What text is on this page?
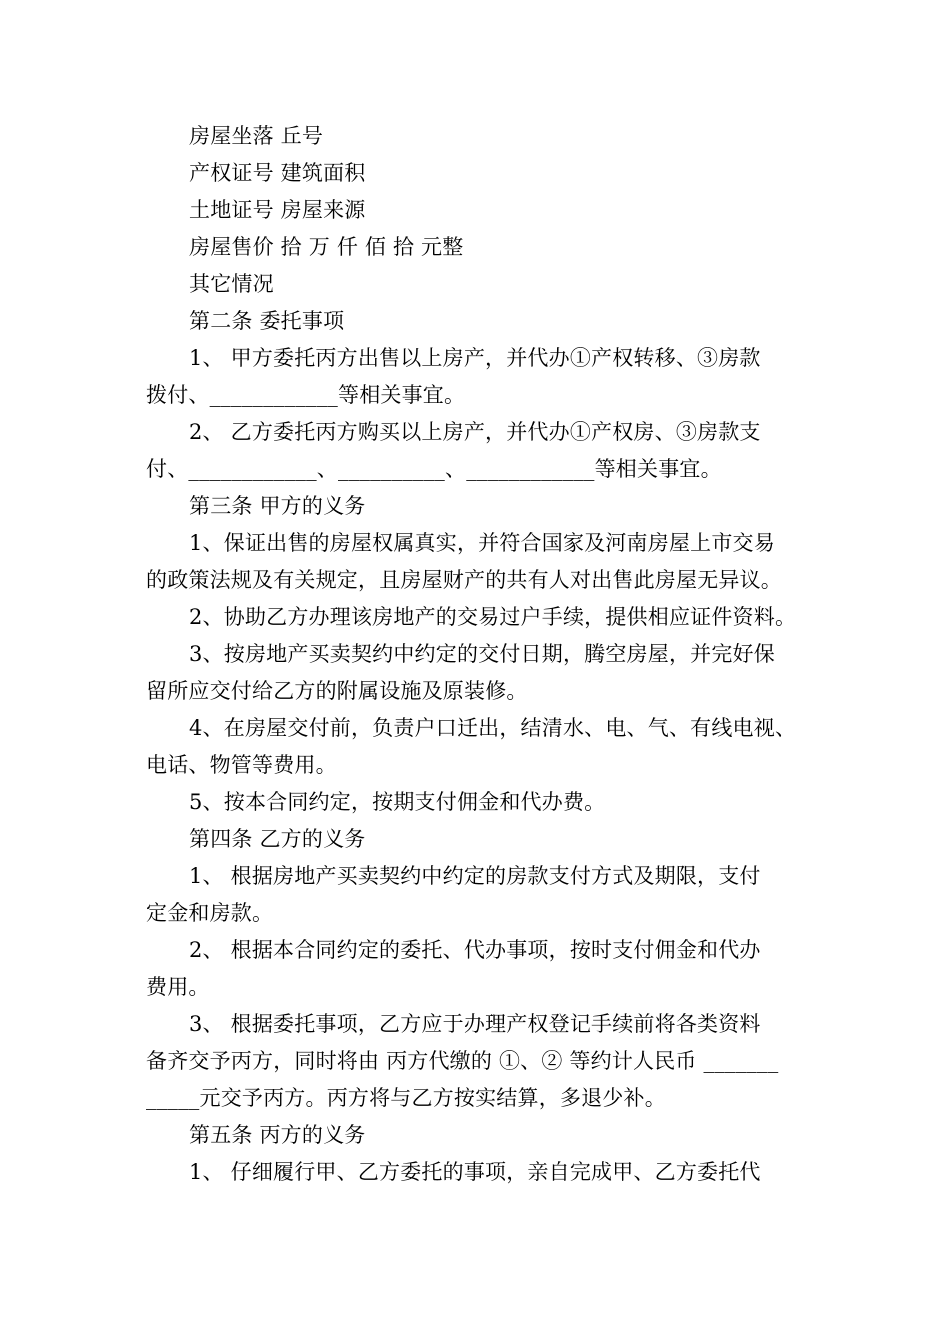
房屋坐落 丘号
产权证号 建筑面积
土地证号 房屋来源
房屋售价 拾 万 仟 佰 拾 元整
其它情况
第二条 委托事项
1、 甲方委托丙方出售以上房产，并代办①产权转移、③房款
拨付、____________等相关事宜。
2、 乙方委托丙方购买以上房产，并代办①产权房、③房款支
付、____________、__________、____________等相关事宜。
第三条 甲方的义务
1、保证出售的房屋权属真实，并符合国家及河南房屋上市交易
的政策法规及有关规定，且房屋财产的共有人对出售此房屋无异议。
2、协助乙方办理该房地产的交易过户手续，提供相应证件资料。
3、按房地产买卖契约中约定的交付日期，腾空房屋，并完好保
留所应交付给乙方的附属设施及原装修。
4、在房屋交付前，负责户口迁出，结清水、电、气、有线电视、
电话、物管等费用。
5、按本合同约定，按期支付佣金和代办费。
第四条 乙方的义务
1、 根据房地产买卖契约中约定的房款支付方式及期限，支付
定金和房款。
2、 根据本合同约定的委托、代办事项，按时支付佣金和代办
费用。
3、 根据委托事项，乙方应于办理产权登记手续前将各类资料
备齐交予丙方，同时将由 丙方代缴的 ①、② 等约计人民币 _______
_____元交予丙方。丙方将与乙方按实结算，多退少补。
第五条 丙方的义务
1、 仔细履行甲、乙方委托的事项，亲自完成甲、乙方委托代
